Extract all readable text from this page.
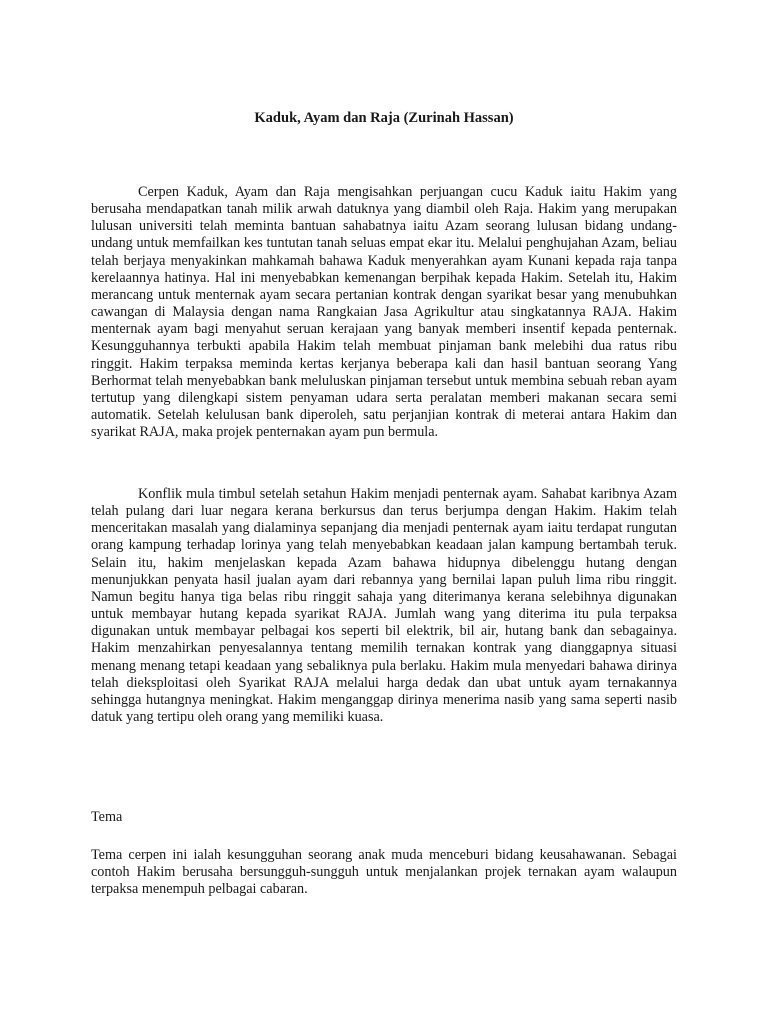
Kaduk, Ayam dan Raja (Zurinah Hassan)

Cerpen Kaduk, Ayam dan Raja mengisahkan perjuangan cucu Kaduk iaitu Hakim yang berusaha mendapatkan tanah milik arwah datuknya yang diambil oleh Raja. Hakim yang merupakan lulusan universiti telah meminta bantuan sahabatnya iaitu Azam seorang lulusan bidang undang-undang untuk memfailkan kes tuntutan tanah seluas empat ekar itu. Melalui penghujahan Azam, beliau telah berjaya menyakinkan mahkamah bahawa Kaduk menyerahkan ayam Kunani kepada raja tanpa kerelaannya hatinya. Hal ini menyebabkan kemenangan berpihak kepada Hakim. Setelah itu, Hakim merancang untuk menternak ayam secara pertanian kontrak dengan syarikat besar yang menubuhkan cawangan di Malaysia dengan nama Rangkaian Jasa Agrikultur atau singkatannya RAJA. Hakim menternak ayam bagi menyahut seruan kerajaan yang banyak memberi insentif kepada penternak. Kesungguhannya terbukti apabila Hakim telah membuat pinjaman bank melebihi dua ratus ribu ringgit. Hakim terpaksa meminda kertas kerjanya beberapa kali dan hasil bantuan seorang Yang Berhormat telah menyebabkan bank meluluskan pinjaman tersebut untuk membina sebuah reban ayam tertutup yang dilengkapi sistem penyaman udara serta peralatan memberi makanan secara semi automatik. Setelah kelulusan bank diperoleh, satu perjanjian kontrak di meterai antara Hakim dan syarikat RAJA, maka projek penternakan ayam pun bermula.

Konflik mula timbul setelah setahun Hakim menjadi penternak ayam. Sahabat karibnya Azam telah pulang dari luar negara kerana berkursus dan terus berjumpa dengan Hakim. Hakim telah menceritakan masalah yang dialaminya sepanjang dia menjadi penternak ayam iaitu terdapat rungutan orang kampung terhadap lorinya yang telah menyebabkan keadaan jalan kampung bertambah teruk. Selain itu, hakim menjelaskan kepada Azam bahawa hidupnya dibelenggu hutang dengan menunjukkan penyata hasil jualan ayam dari rebannya yang bernilai lapan puluh lima ribu ringgit. Namun begitu hanya tiga belas ribu ringgit sahaja yang diterimanya kerana selebihnya digunakan untuk membayar hutang kepada syarikat RAJA. Jumlah wang yang diterima itu pula terpaksa digunakan untuk membayar pelbagai kos seperti bil elektrik, bil air, hutang bank dan sebagainya. Hakim menzahirkan penyesalannya tentang memilih ternakan kontrak yang dianggapnya situasi menang menang tetapi keadaan yang sebaliknya pula berlaku. Hakim mula menyedari bahawa dirinya telah dieksploitasi oleh Syarikat RAJA melalui harga dedak dan ubat untuk ayam ternakannya sehingga hutangnya meningkat. Hakim menganggap dirinya menerima nasib yang sama seperti nasib datuk yang tertipu oleh orang yang memiliki kuasa.

Tema

Tema cerpen ini ialah kesungguhan seorang anak muda menceburi bidang keusahawanan. Sebagai contoh Hakim berusaha bersungguh-sungguh untuk menjalankan projek ternakan ayam walaupun terpaksa menempuh pelbagai cabaran.
